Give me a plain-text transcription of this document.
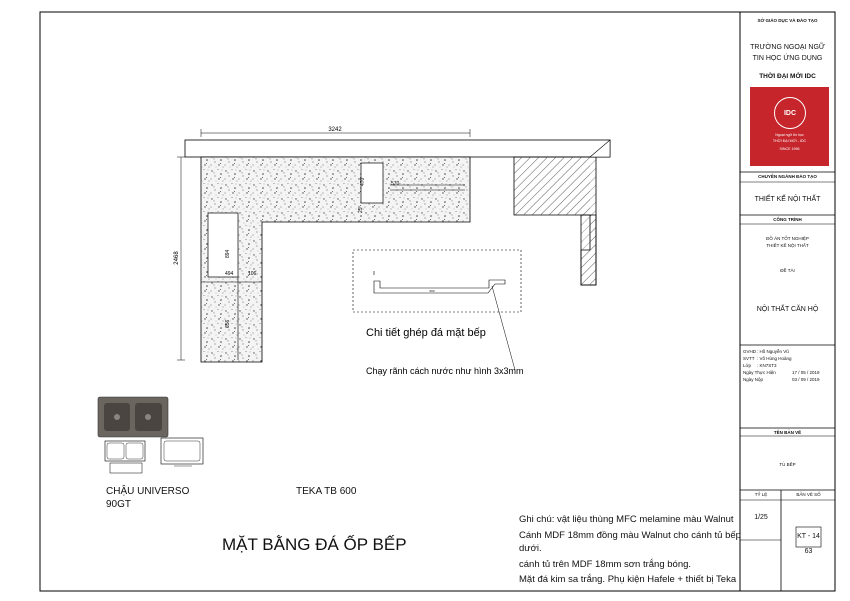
3242
2468
470
25
570
894
494	106
656
500
Chi tiết ghép đá mặt bếp
Chạy rãnh cách nước như hình 3x3mm
SỞ GIÁO DỤC VÀ ĐÀO TẠO
TRƯỜNG NGOẠI NGỮ
TIN HỌC ỨNG DỤNG
THỜI ĐẠI MỚI IDC
IDC
Ngoại ngữ tin học
THỜI ĐẠI MỚI - IDC
SINCE 1996
CHUYÊN NGÀNH ĐÀO TẠO
THIẾT KẾ NỘI THẤT
CÔNG TRÌNH
ĐỒ ÁN TỐT NGHIỆP
THIẾT KẾ NỘI THẤT
ĐỀ TÀI
NỘI THẤT CĂN HỘ
GVHD : Hồ Nguyễn Vũ
SVTT : Võ Hùng Hoàng
Lớp : KN7ST3
Ngày Thực Hiện	17 / 05 / 2019
Ngày Nộp	03 / 09 / 2019
TÊN BẢN VẼ
TỦ BẾP
TỶ LỆ
1/25
BẢN VẼ SỐ
KT - 14
63
CHẬU UNIVERSO
90GT
TEKA TB 600
MẶT BẰNG ĐÁ ỐP BẾP
Ghi chú: vật liệu thùng MFC melamine màu Walnut
Cánh MDF 18mm đồng màu Walnut cho cánh tủ bếp
dưới.
cánh tủ trên MDF 18mm sơn trắng bóng.
Mặt đá kim sa trắng. Phụ kiện Hafele + thiết bị Teka
